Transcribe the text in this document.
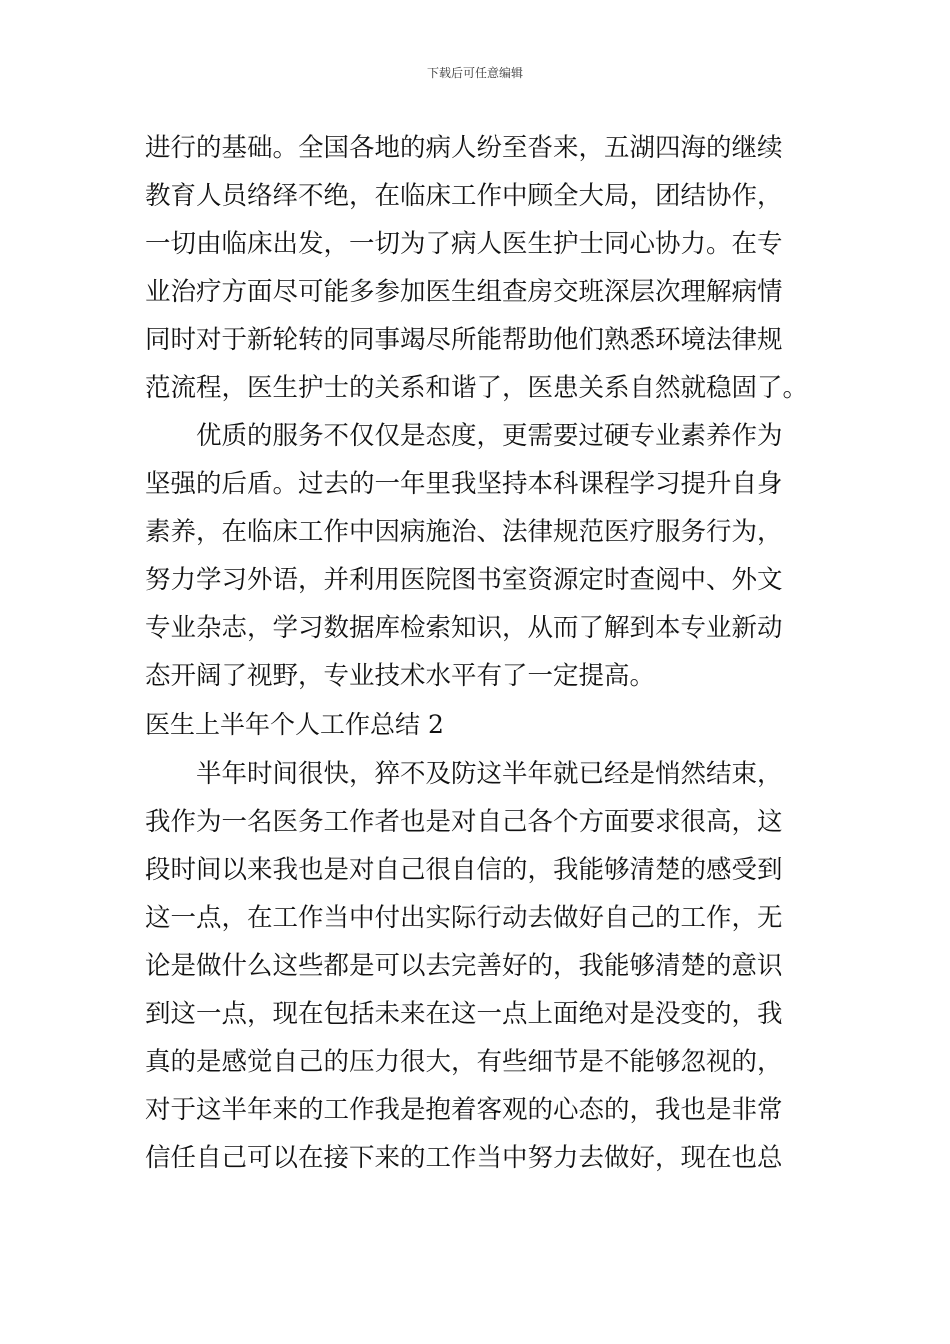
下载后可任意编辑
进行的基础。全国各地的病人纷至沓来，五湖四海的继续
教育人员络绎不绝，在临床工作中顾全大局，团结协作，
一切由临床出发，一切为了病人医生护士同心协力。在专
业治疗方面尽可能多参加医生组查房交班深层次理解病情
同时对于新轮转的同事竭尽所能帮助他们熟悉环境法律规
范流程，医生护士的关系和谐了，医患关系自然就稳固了。
　　优质的服务不仅仅是态度，更需要过硬专业素养作为
坚强的后盾。过去的一年里我坚持本科课程学习提升自身
素养，在临床工作中因病施治、法律规范医疗服务行为，
努力学习外语，并利用医院图书室资源定时查阅中、外文
专业杂志，学习数据库检索知识，从而了解到本专业新动
态开阔了视野，专业技术水平有了一定提高。
医生上半年个人工作总结 2
　　半年时间很快，猝不及防这半年就已经是悄然结束，
我作为一名医务工作者也是对自己各个方面要求很高，这
段时间以来我也是对自己很自信的，我能够清楚的感受到
这一点，在工作当中付出实际行动去做好自己的工作，无
论是做什么这些都是可以去完善好的，我能够清楚的意识
到这一点，现在包括未来在这一点上面绝对是没变的，我
真的是感觉自己的压力很大，有些细节是不能够忽视的，
对于这半年来的工作我是抱着客观的心态的，我也是非常
信任自己可以在接下来的工作当中努力去做好，现在也总
